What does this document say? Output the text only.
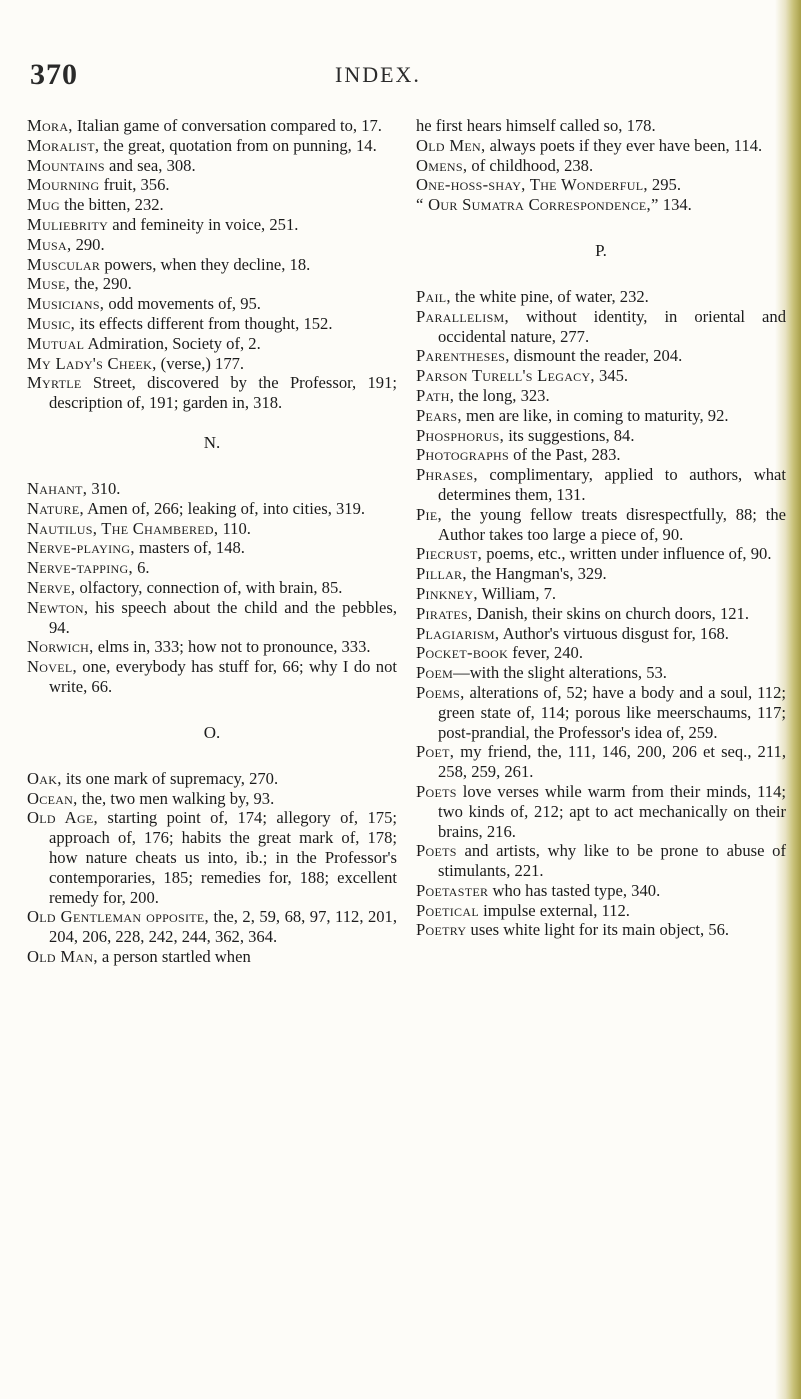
370	INDEX.

Mora, Italian game of conversation compared to, 17.

Moralist, the great, quotation from on punning, 14.

Mountains and sea, 308.

Mourning fruit, 356.

Mug the bitten, 232.

Muliebrity and femineity in voice, 251.

Musa, 290.

Muscular powers, when they decline, 18.

Muse, the, 290.

Musicians, odd movements of, 95.

Music, its effects different from thought, 152.

Mutual Admiration, Society of, 2.

My Lady's Cheek, (verse,) 177.

Myrtle Street, discovered by the Professor, 191; description of, 191; garden in, 318.

N.

Nahant, 310.

Nature, Amen of, 266; leaking of, into cities, 319.

Nautilus, The Chambered, 110.

Nerve-playing, masters of, 148.

Nerve-tapping, 6.

Nerve, olfactory, connection of, with brain, 85.

Newton, his speech about the child and the pebbles, 94.

Norwich, elms in, 333; how not to pronounce, 333.

Novel, one, everybody has stuff for, 66; why I do not write, 66.

O.

Oak, its one mark of supremacy, 270.

Ocean, the, two men walking by, 93.

Old Age, starting point of, 174; allegory of, 175; approach of, 176; habits the great mark of, 178; how nature cheats us into, ib.; in the Professor's contemporaries, 185; remedies for, 188; excellent remedy for, 200.

Old Gentleman opposite, the, 2, 59, 68, 97, 112, 201, 204, 206, 228, 242, 244, 362, 364.

Old Man, a person startled when

he first hears himself called so, 178.

Old Men, always poets if they ever have been, 114.

Omens, of childhood, 238.

One-hoss-shay, The Wonderful, 295.

“ Our Sumatra Correspondence,” 134.

P.

Pail, the white pine, of water, 232.

Parallelism, without identity, in oriental and occidental nature, 277.

Parentheses, dismount the reader, 204.

Parson Turell's Legacy, 345.

Path, the long, 323.

Pears, men are like, in coming to maturity, 92.

Phosphorus, its suggestions, 84.

Photographs of the Past, 283.

Phrases, complimentary, applied to authors, what determines them, 131.

Pie, the young fellow treats disrespectfully, 88; the Author takes too large a piece of, 90.

Piecrust, poems, etc., written under influence of, 90.

Pillar, the Hangman's, 329.

Pinkney, William, 7.

Pirates, Danish, their skins on church doors, 121.

Plagiarism, Author's virtuous disgust for, 168.

Pocket-book fever, 240.

Poem—with the slight alterations, 53.

Poems, alterations of, 52; have a body and a soul, 112; green state of, 114; porous like meerschaums, 117; post-prandial, the Professor's idea of, 259.

Poet, my friend, the, 111, 146, 200, 206 et seq., 211, 258, 259, 261.

Poets love verses while warm from their minds, 114; two kinds of, 212; apt to act mechanically on their brains, 216.

Poets and artists, why like to be prone to abuse of stimulants, 221.

Poetaster who has tasted type, 340.

Poetical impulse external, 112.

Poetry uses white light for its main object, 56.
